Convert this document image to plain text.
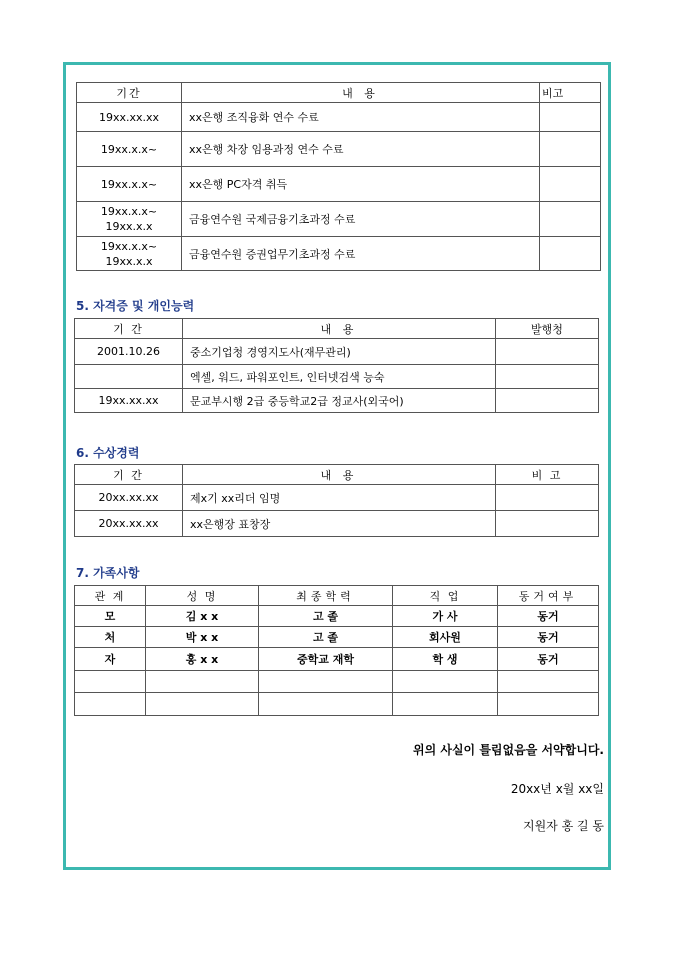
기간	내 용	비고
19xx.xx.xx	xx은행 조직융화 연수 수료	
19xx.x.x~	xx은행 차장 임용과정 연수 수료	
19xx.x.x~	xx은행 PC자격 취득	
19xx.x.x~
19xx.x.x	금융연수원 국제금융기초과정 수료	
19xx.x.x~
19xx.x.x	금융연수원 증권업무기초과정 수료	
5. 자격증 및 개인능력
기 간	내 용	발행청
2001.10.26	중소기업청 경영지도사(재무관리)	
	엑셀, 워드, 파워포인트, 인터넷검색 능숙	
19xx.xx.xx	문교부시행 2급 중등학교2급 정교사(외국어)	
6. 수상경력
기 간	내 용	비 고
20xx.xx.xx	제x기 xx리더 임명	
20xx.xx.xx	xx은행장 표창장	
7. 가족사항
관 계	성 명	최종학력	직 업	동거여부
모	김 x x	고 졸	가 사	동거
처	박 x x	고 졸	회사원	동거
자	홍 x x	중학교 재학	학 생	동거

위의 사실이 틀림없음을 서약합니다.
20xx년 x월 xx일
지원자 홍 길 동
